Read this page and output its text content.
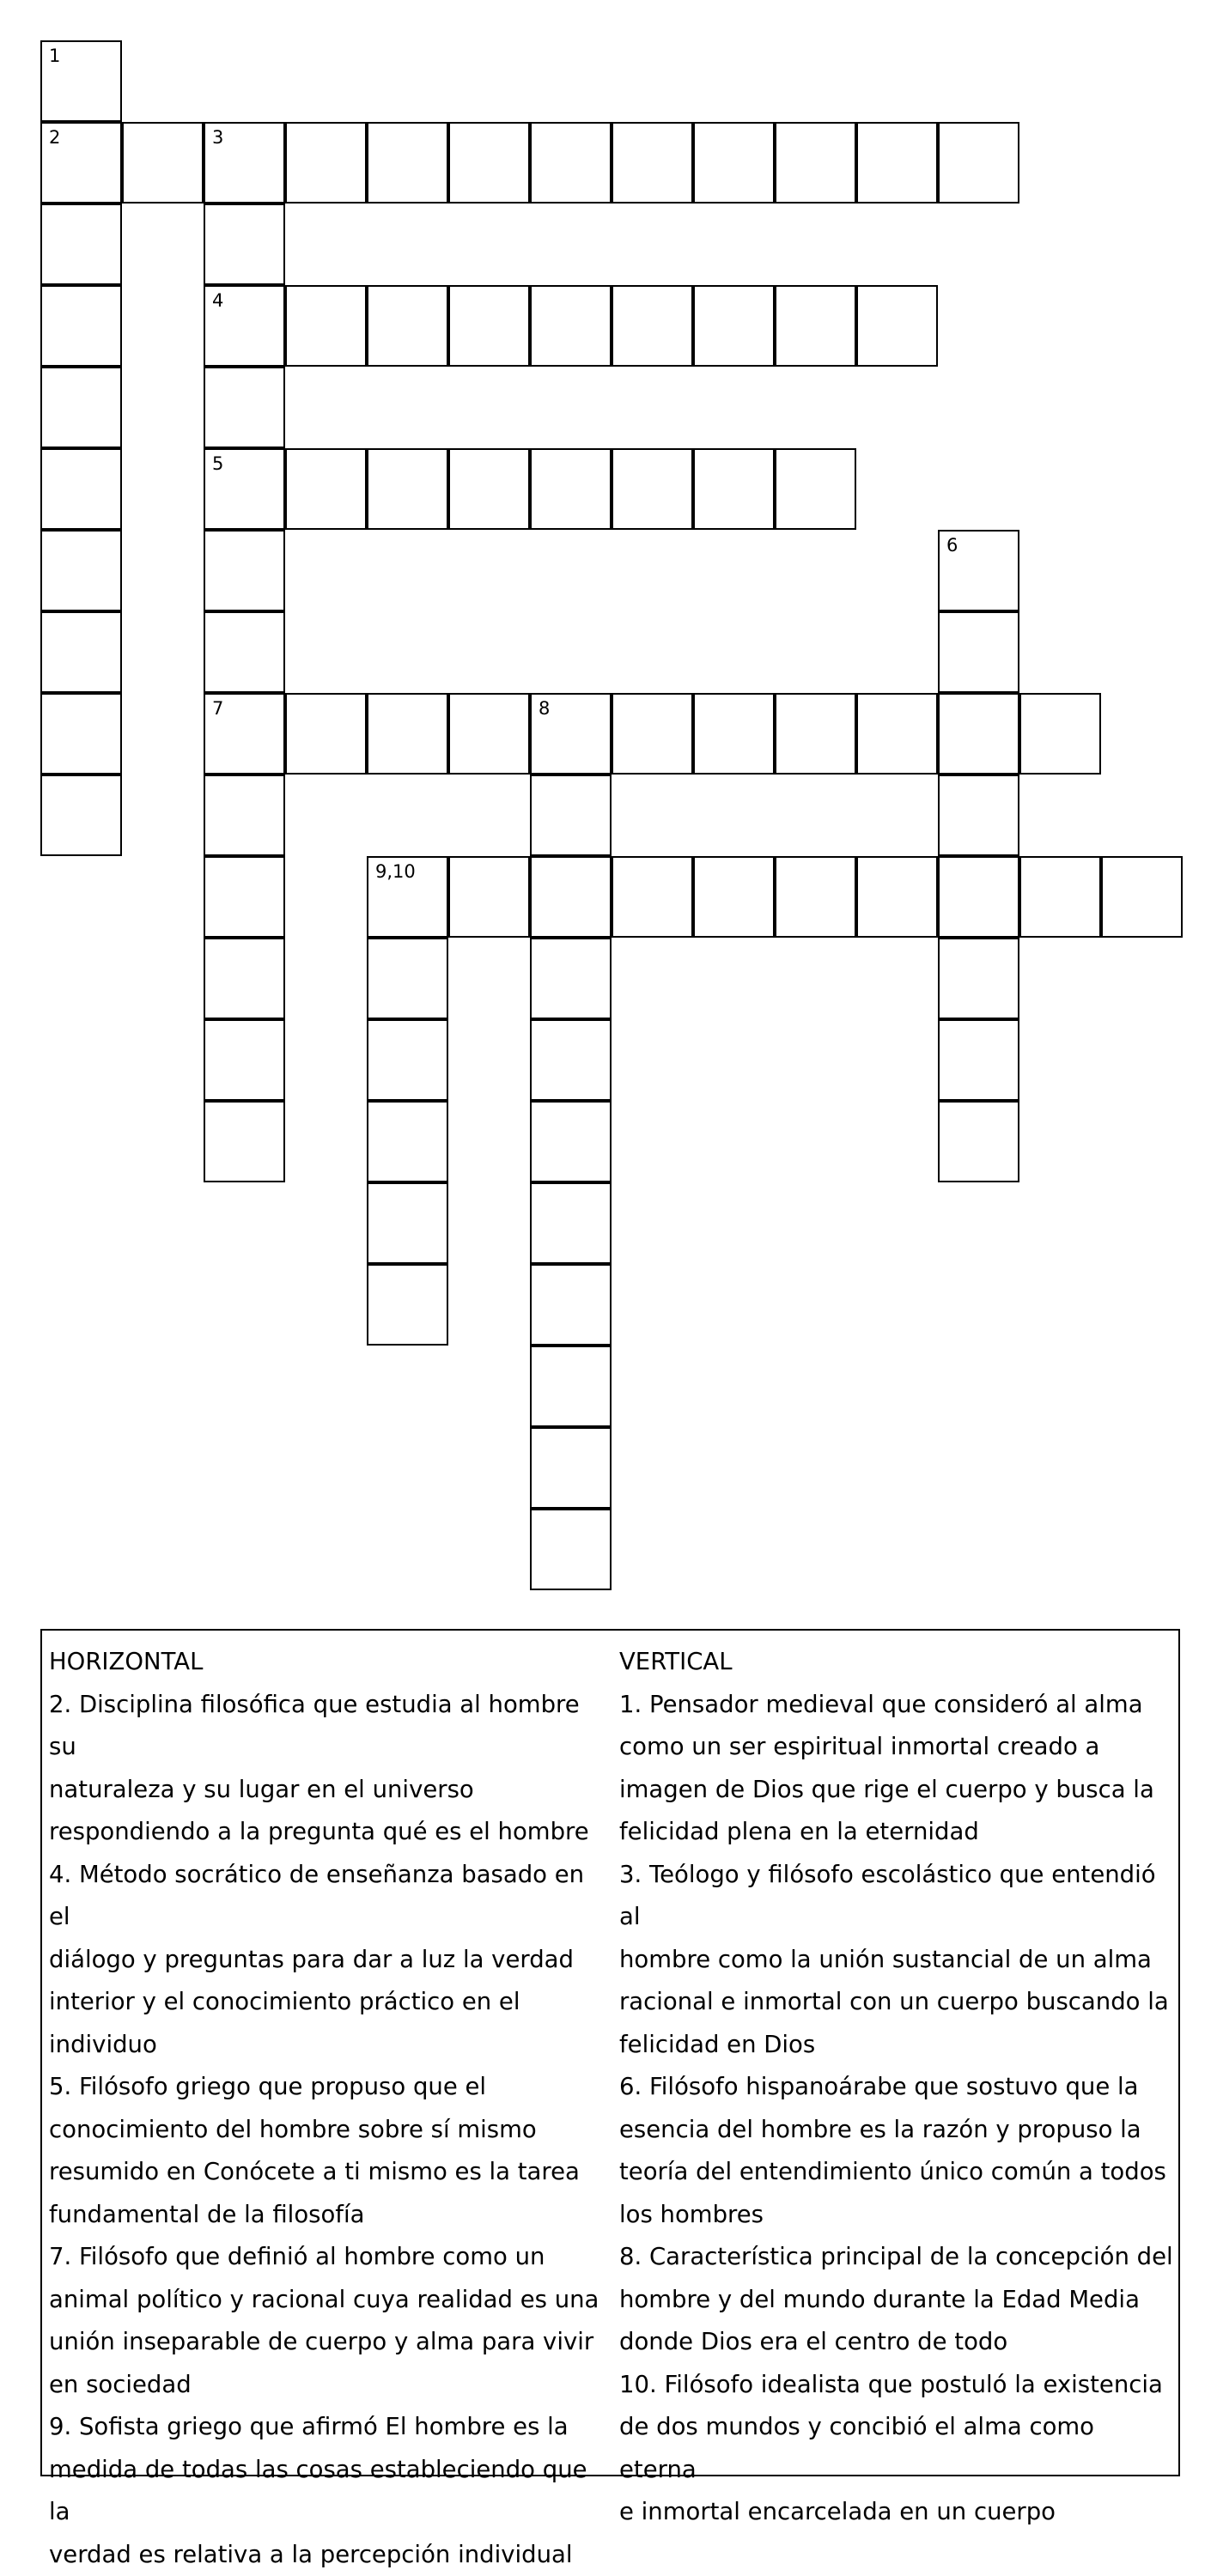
1
2	3
4
5
6
7	8
9,10
HORIZONTAL
2. Disciplina filosófica que estudia al hombre su
naturaleza y su lugar en el universo
respondiendo a la pregunta qué es el hombre
4. Método socrático de enseñanza basado en el
diálogo y preguntas para dar a luz la verdad
interior y el conocimiento práctico en el
individuo
5. Filósofo griego que propuso que el
conocimiento del hombre sobre sí mismo
resumido en Conócete a ti mismo es la tarea
fundamental de la filosofía
7. Filósofo que definió al hombre como un
animal político y racional cuya realidad es una
unión inseparable de cuerpo y alma para vivir
en sociedad
9. Sofista griego que afirmó El hombre es la
medida de todas las cosas estableciendo que la
verdad es relativa a la percepción individual
VERTICAL
1. Pensador medieval que consideró al alma
como un ser espiritual inmortal creado a
imagen de Dios que rige el cuerpo y busca la
felicidad plena en la eternidad
3. Teólogo y filósofo escolástico que entendió al
hombre como la unión sustancial de un alma
racional e inmortal con un cuerpo buscando la
felicidad en Dios
6. Filósofo hispanoárabe que sostuvo que la
esencia del hombre es la razón y propuso la
teoría del entendimiento único común a todos
los hombres
8. Característica principal de la concepción del
hombre y del mundo durante la Edad Media
donde Dios era el centro de todo
10. Filósofo idealista que postuló la existencia
de dos mundos y concibió el alma como eterna
e inmortal encarcelada en un cuerpo
